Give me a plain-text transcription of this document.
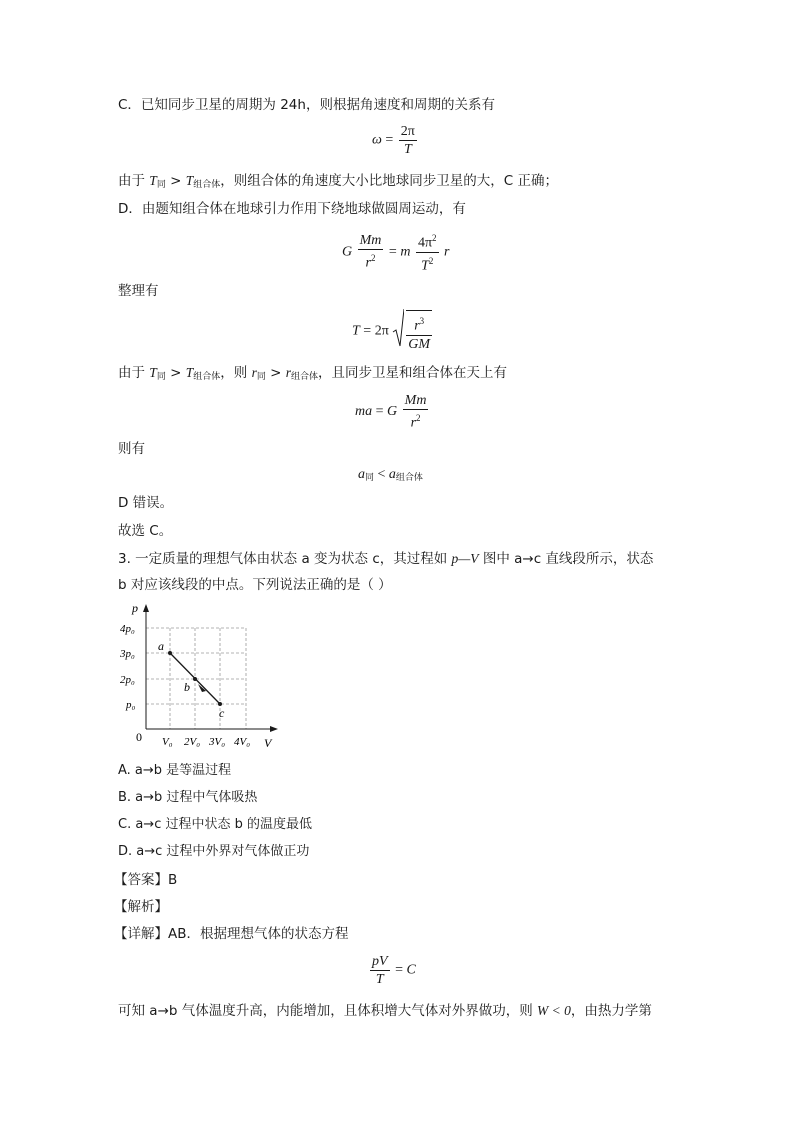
C．已知同步卫星的周期为 24h，则根据角速度和周期的关系有
$\omega = \frac{2\pi}{T}$
由于 T同 > T组合体，则组合体的角速度大小比地球同步卫星的大，C 正确；
D．由题知组合体在地球引力作用下绕地球做圆周运动，有
G $\frac{Mm}{r^2} = m \frac{4\pi^2}{T^2}$ r
整理有
$T = 2\pi \frac{r^3}{GM}$
由于 T同 > T组合体，则 r同 > r组合体，且同步卫星和组合体在天上有
ma = G $\frac{Mm}{r^2}$
则有
a同 < a组合体
D 错误。
故选 C。
3. 一定质量的理想气体由状态 a 变为状态 c，其过程如 p—V 图中 a→c 直线段所示，状态
b 对应该线段的中点。下列说法正确的是（ ）
p
V
0
4p₀
3p₀
2p₀
p₀
V₀ 2V₀ 3V₀ 4V₀
a
b
c
A. a→b 是等温过程
B. a→b 过程中气体吸热
C. a→c 过程中状态 b 的温度最低
D. a→c 过程中外界对气体做正功
【答案】B
【解析】
【详解】AB．根据理想气体的状态方程
$\frac{pV}{T} = C$
可知 a→b 气体温度升高，内能增加，且体积增大气体对外界做功，则 W < 0，由热力学第
